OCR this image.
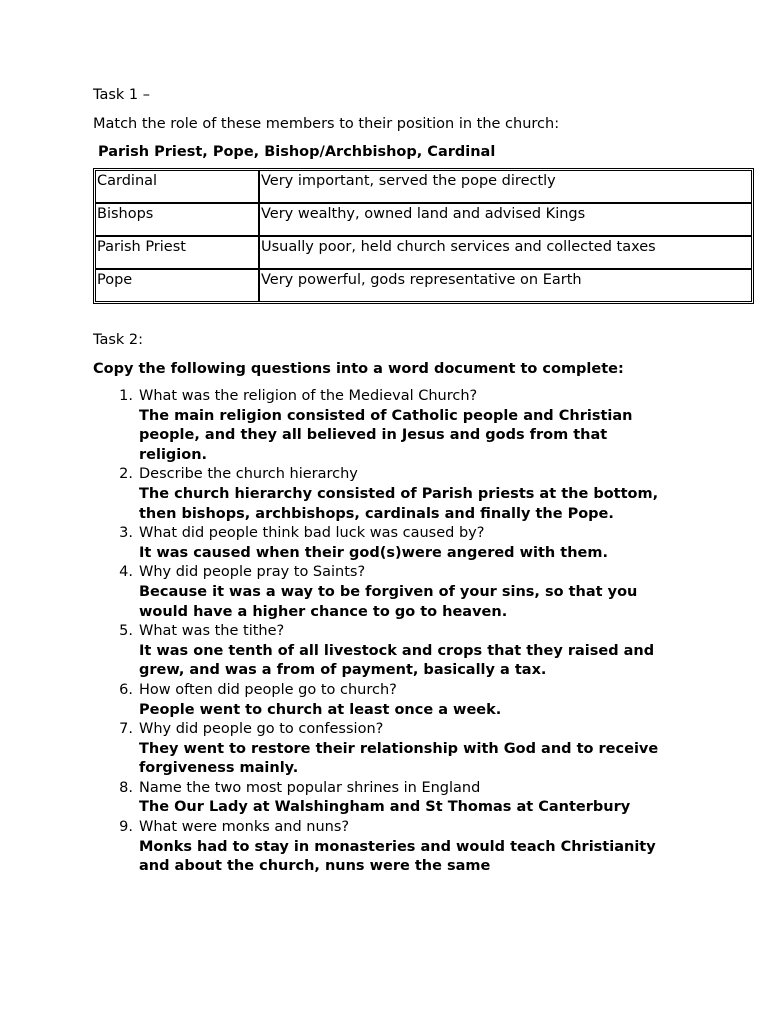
Task 1 –
Match the role of these members to their position in the church:
Parish Priest, Pope, Bishop/Archbishop, Cardinal
Cardinal	Very important, served the pope directly
Bishops	Very wealthy, owned land and advised Kings
Parish Priest	Usually poor, held church services and collected taxes
Pope	Very powerful, gods representative on Earth
Task 2:
Copy the following questions into a word document to complete:
1. What was the religion of the Medieval Church?
The main religion consisted of Catholic people and Christian people, and they all believed in Jesus and gods from that religion.
2. Describe the church hierarchy
The church hierarchy consisted of Parish priests at the bottom, then bishops, archbishops, cardinals and finally the Pope.
3. What did people think bad luck was caused by?
It was caused when their god(s)were angered with them.
4. Why did people pray to Saints?
Because it was a way to be forgiven of your sins, so that you would have a higher chance to go to heaven.
5. What was the tithe?
It was one tenth of all livestock and crops that they raised and grew, and was a from of payment, basically a tax.
6. How often did people go to church?
People went to church at least once a week.
7. Why did people go to confession?
They went to restore their relationship with God and to receive forgiveness mainly.
8. Name the two most popular shrines in England
The Our Lady at Walshingham and St Thomas at Canterbury
9. What were monks and nuns?
Monks had to stay in monasteries and would teach Christianity and about the church, nuns were the same
